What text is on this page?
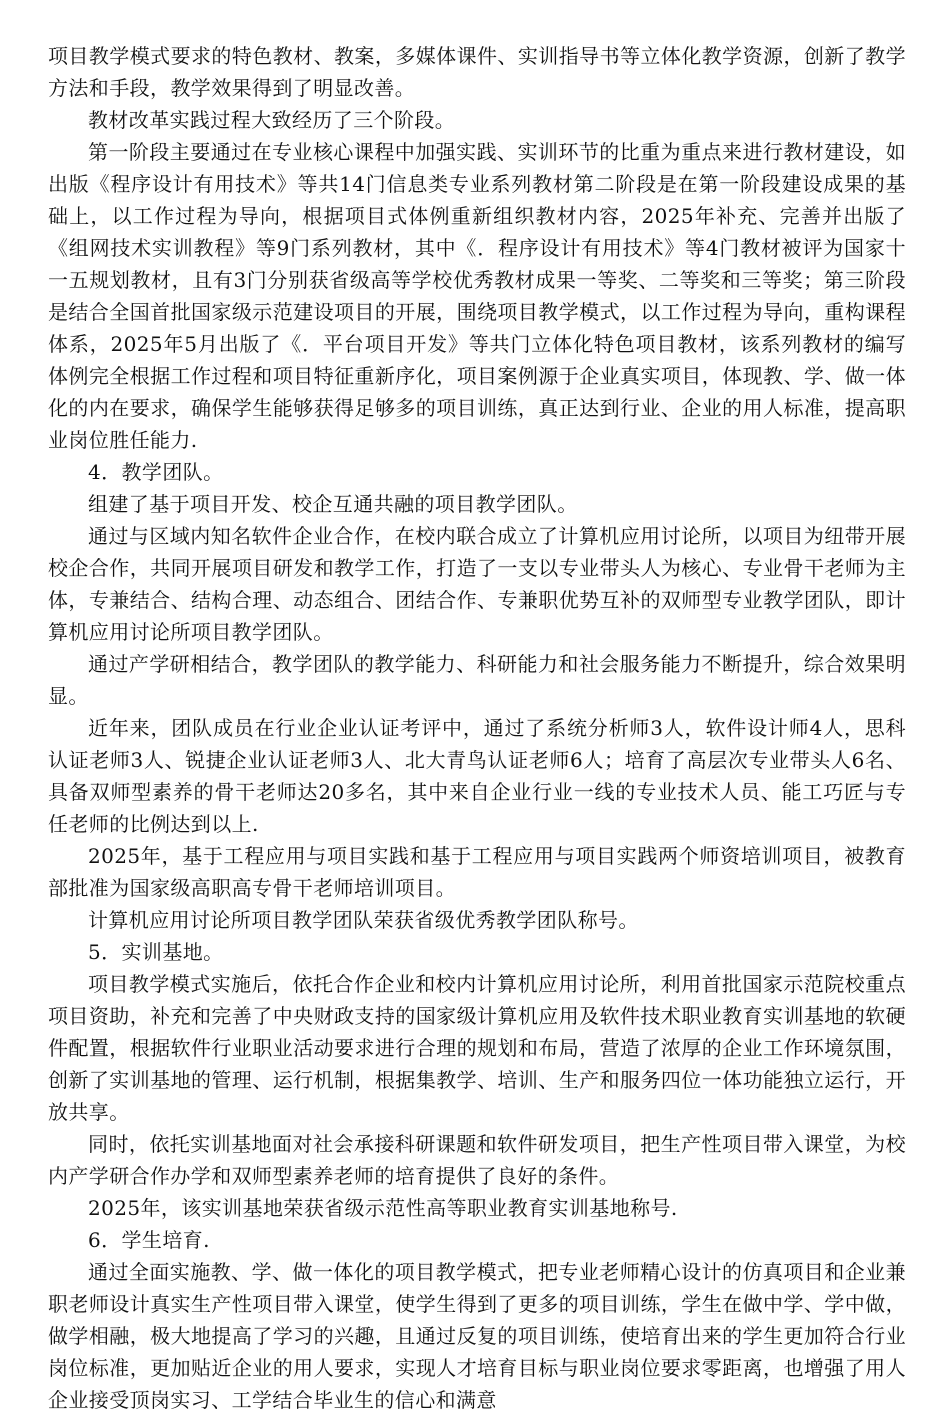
项目教学模式要求的特色教材、教案，多媒体课件、实训指导书等立体化教学资源，创新了教学方法和手段，教学效果得到了明显改善。

教材改革实践过程大致经历了三个阶段。

第一阶段主要通过在专业核心课程中加强实践、实训环节的比重为重点来进行教材建设，如出版《程序设计有用技术》等共14门信息类专业系列教材第二阶段是在第一阶段建设成果的基础上，以工作过程为导向，根据项目式体例重新组织教材内容，2025年补充、完善并出版了《组网技术实训教程》等9门系列教材，其中《．程序设计有用技术》等4门教材被评为国家十一五规划教材，且有3门分别获省级高等学校优秀教材成果一等奖、二等奖和三等奖；第三阶段是结合全国首批国家级示范建设项目的开展，围绕项目教学模式，以工作过程为导向，重构课程体系，2025年5月出版了《．平台项目开发》等共门立体化特色项目教材，该系列教材的编写体例完全根据工作过程和项目特征重新序化，项目案例源于企业真实项目，体现教、学、做一体化的内在要求，确保学生能够获得足够多的项目训练，真正达到行业、企业的用人标准，提高职业岗位胜任能力.

4．教学团队。

组建了基于项目开发、校企互通共融的项目教学团队。

通过与区域内知名软件企业合作，在校内联合成立了计算机应用讨论所，以项目为纽带开展校企合作，共同开展项目研发和教学工作，打造了一支以专业带头人为核心、专业骨干老师为主体，专兼结合、结构合理、动态组合、团结合作、专兼职优势互补的双师型专业教学团队，即计算机应用讨论所项目教学团队。

通过产学研相结合，教学团队的教学能力、科研能力和社会服务能力不断提升，综合效果明显。

近年来，团队成员在行业企业认证考评中，通过了系统分析师3人，软件设计师4人，思科认证老师3人、锐捷企业认证老师3人、北大青鸟认证老师6人；培育了高层次专业带头人6名、具备双师型素养的骨干老师达20多名，其中来自企业行业一线的专业技术人员、能工巧匠与专任老师的比例达到以上.

2025年，基于工程应用与项目实践和基于工程应用与项目实践两个师资培训项目，被教育部批准为国家级高职高专骨干老师培训项目。

计算机应用讨论所项目教学团队荣获省级优秀教学团队称号。

5．实训基地。

项目教学模式实施后，依托合作企业和校内计算机应用讨论所，利用首批国家示范院校重点项目资助，补充和完善了中央财政支持的国家级计算机应用及软件技术职业教育实训基地的软硬件配置，根据软件行业职业活动要求进行合理的规划和布局，营造了浓厚的企业工作环境氛围，创新了实训基地的管理、运行机制，根据集教学、培训、生产和服务四位一体功能独立运行，开放共享。

同时，依托实训基地面对社会承接科研课题和软件研发项目，把生产性项目带入课堂，为校内产学研合作办学和双师型素养老师的培育提供了良好的条件。

2025年，该实训基地荣获省级示范性高等职业教育实训基地称号.

6．学生培育.

通过全面实施教、学、做一体化的项目教学模式，把专业老师精心设计的仿真项目和企业兼职老师设计真实生产性项目带入课堂，使学生得到了更多的项目训练，学生在做中学、学中做，做学相融，极大地提高了学习的兴趣，且通过反复的项目训练，使培育出来的学生更加符合行业岗位标准，更加贴近企业的用人要求，实现人才培育目标与职业岗位要求零距离，也增强了用人企业接受顶岗实习、工学结合毕业生的信心和满意
